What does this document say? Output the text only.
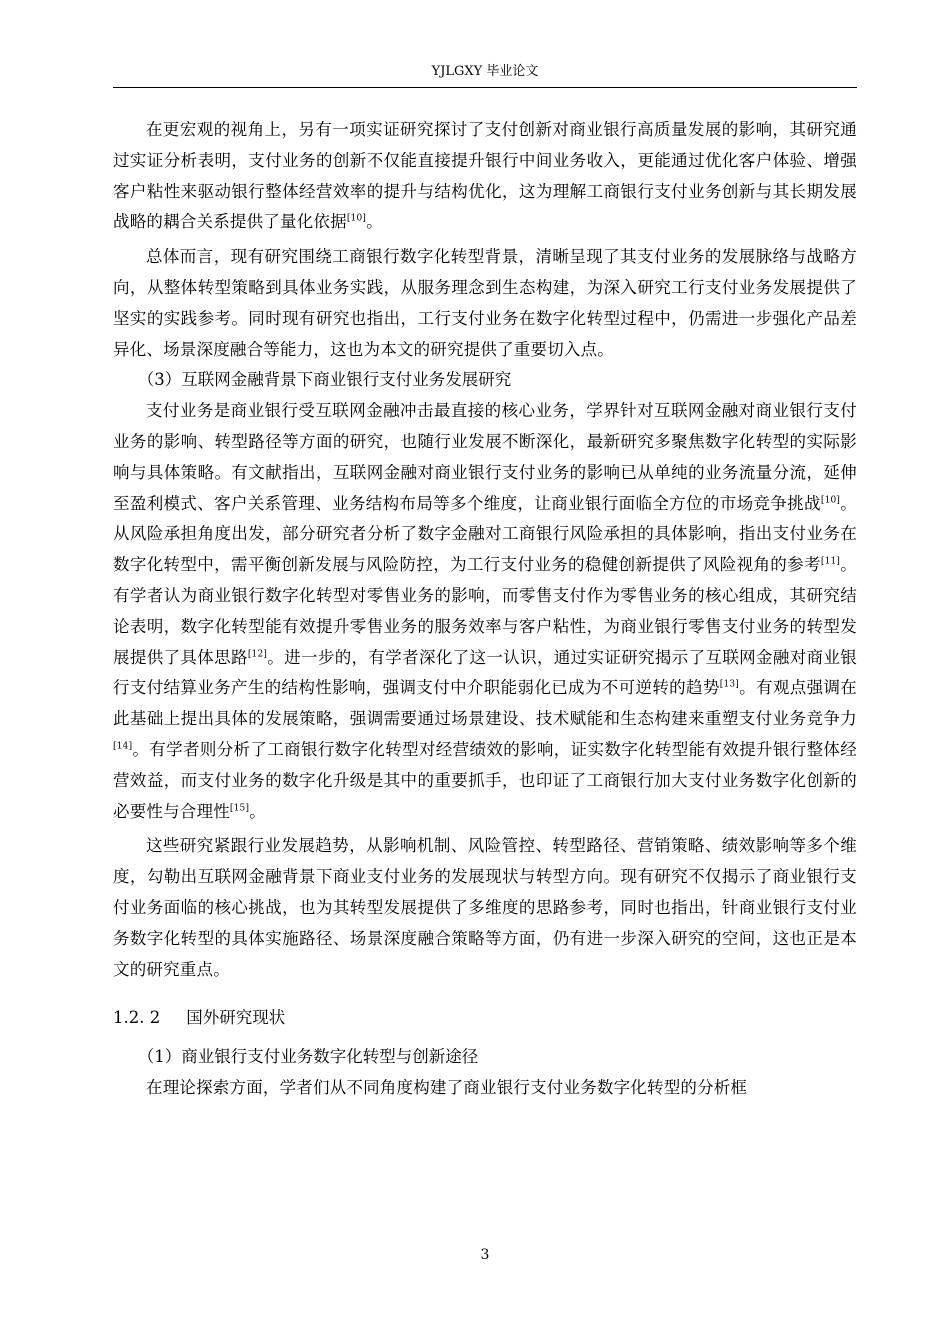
YJLGXY 毕业论文

在更宏观的视角上，另有一项实证研究探讨了支付创新对商业银行高质量发展的影响，其研究通过实证分析表明，支付业务的创新不仅能直接提升银行中间业务收入，更能通过优化客户体验、增强客户粘性来驱动银行整体经营效率的提升与结构优化，这为理解工商银行支付业务创新与其长期发展战略的耦合关系提供了量化依据[10]。

总体而言，现有研究围绕工商银行数字化转型背景，清晰呈现了其支付业务的发展脉络与战略方向，从整体转型策略到具体业务实践，从服务理念到生态构建，为深入研究工行支付业务发展提供了坚实的实践参考。同时现有研究也指出，工行支付业务在数字化转型过程中，仍需进一步强化产品差异化、场景深度融合等能力，这也为本文的研究提供了重要切入点。

（3）互联网金融背景下商业银行支付业务发展研究

支付业务是商业银行受互联网金融冲击最直接的核心业务，学界针对互联网金融对商业银行支付业务的影响、转型路径等方面的研究，也随行业发展不断深化，最新研究多聚焦数字化转型的实际影响与具体策略。有文献指出，互联网金融对商业银行支付业务的影响已从单纯的业务流量分流，延伸至盈利模式、客户关系管理、业务结构布局等多个维度，让商业银行面临全方位的市场竞争挑战[10]。从风险承担角度出发，部分研究者分析了数字金融对工商银行风险承担的具体影响，指出支付业务在数字化转型中，需平衡创新发展与风险防控，为工行支付业务的稳健创新提供了风险视角的参考[11]。有学者认为商业银行数字化转型对零售业务的影响，而零售支付作为零售业务的核心组成，其研究结论表明，数字化转型能有效提升零售业务的服务效率与客户粘性，为商业银行零售支付业务的转型发展提供了具体思路[12]。进一步的，有学者深化了这一认识，通过实证研究揭示了互联网金融对商业银行支付结算业务产生的结构性影响，强调支付中介职能弱化已成为不可逆转的趋势[13]。有观点强调在此基础上提出具体的发展策略，强调需要通过场景建设、技术赋能和生态构建来重塑支付业务竞争力[14]。有学者则分析了工商银行数字化转型对经营绩效的影响，证实数字化转型能有效提升银行整体经营效益，而支付业务的数字化升级是其中的重要抓手，也印证了工商银行加大支付业务数字化创新的必要性与合理性[15]。

这些研究紧跟行业发展趋势，从影响机制、风险管控、转型路径、营销策略、绩效影响等多个维度，勾勒出互联网金融背景下商业支付业务的发展现状与转型方向。现有研究不仅揭示了商业银行支付业务面临的核心挑战，也为其转型发展提供了多维度的思路参考，同时也指出，针商业银行支付业务数字化转型的具体实施路径、场景深度融合策略等方面，仍有进一步深入研究的空间，这也正是本文的研究重点。

1.2. 2 国外研究现状

（1）商业银行支付业务数字化转型与创新途径

在理论探索方面，学者们从不同角度构建了商业银行支付业务数字化转型的分析框

3
